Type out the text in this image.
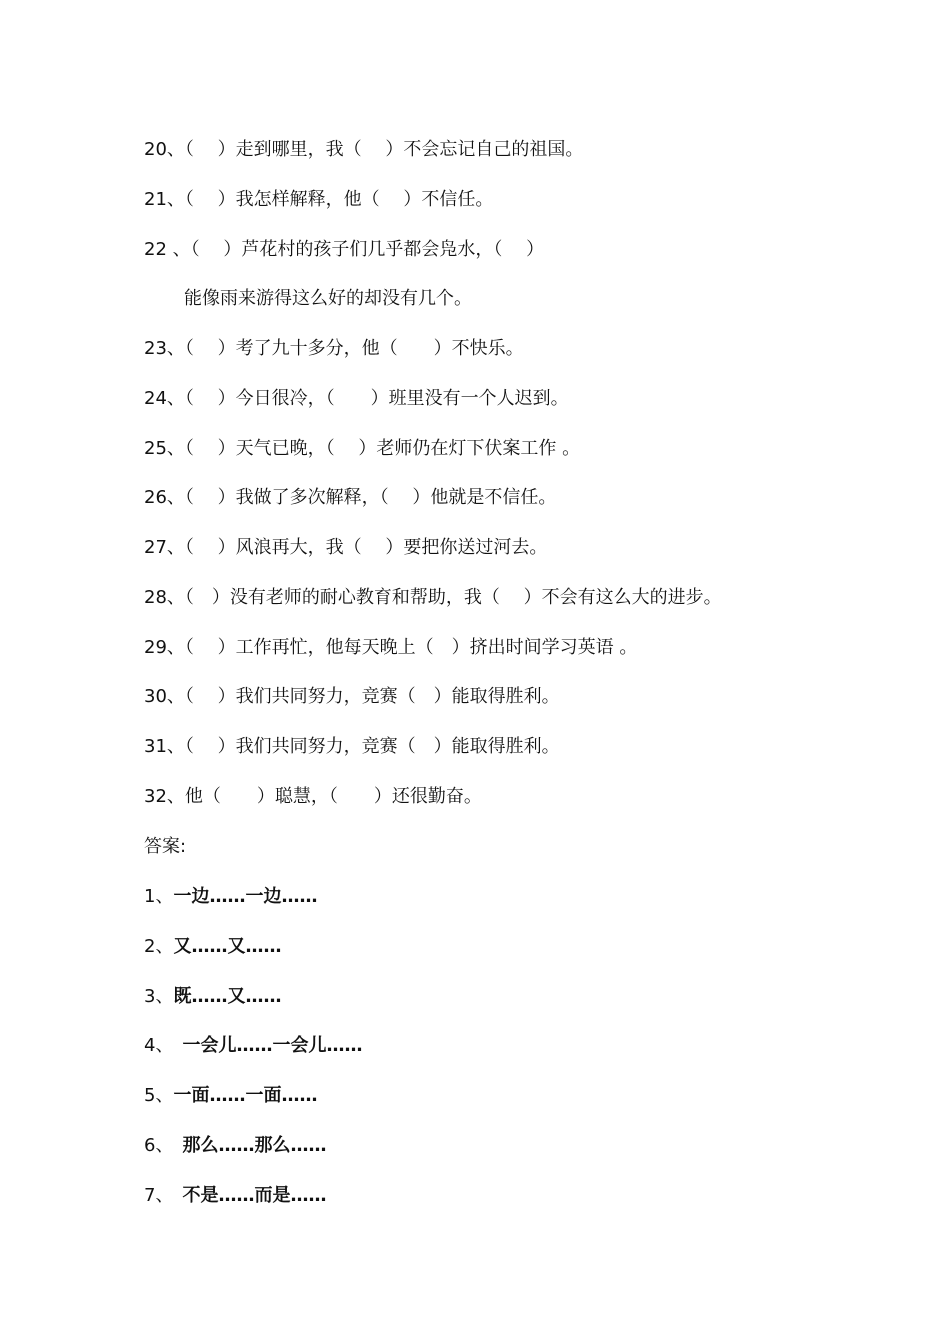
20、（　 ）走到哪里，我（　 ）不会忘记自己的祖国。
21、（　 ）我怎样解释，他（　 ）不信任。
22 、（　 ）芦花村的孩子们几乎都会凫水，（　 ）
能像雨来游得这么好的却没有几个。
23、（　 ）考了九十多分，他（　　）不快乐。
24、（　 ）今日很冷，（　　）班里没有一个人迟到。
25、（　 ）天气已晚，（　 ）老师仍在灯下伏案工作 。
26、（　 ）我做了多次解释，（　 ）他就是不信任。
27、（　 ）风浪再大，我（　 ）要把你送过河去。
28、（　）没有老师的耐心教育和帮助，我（　 ）不会有这么大的进步。
29、（　 ）工作再忙，他每天晚上（　）挤出时间学习英语 。
30、（　 ）我们共同努力，竞赛（　）能取得胜利。
31、（　 ）我们共同努力，竞赛（　）能取得胜利。
32、他（　　）聪慧，（　　）还很勤奋。
答案:
1、一边……一边……
2、又……又……
3、既……又……
4、　一会儿……一会儿……
5、一面……一面……
6、　那么……那么……
7、　不是……而是……
